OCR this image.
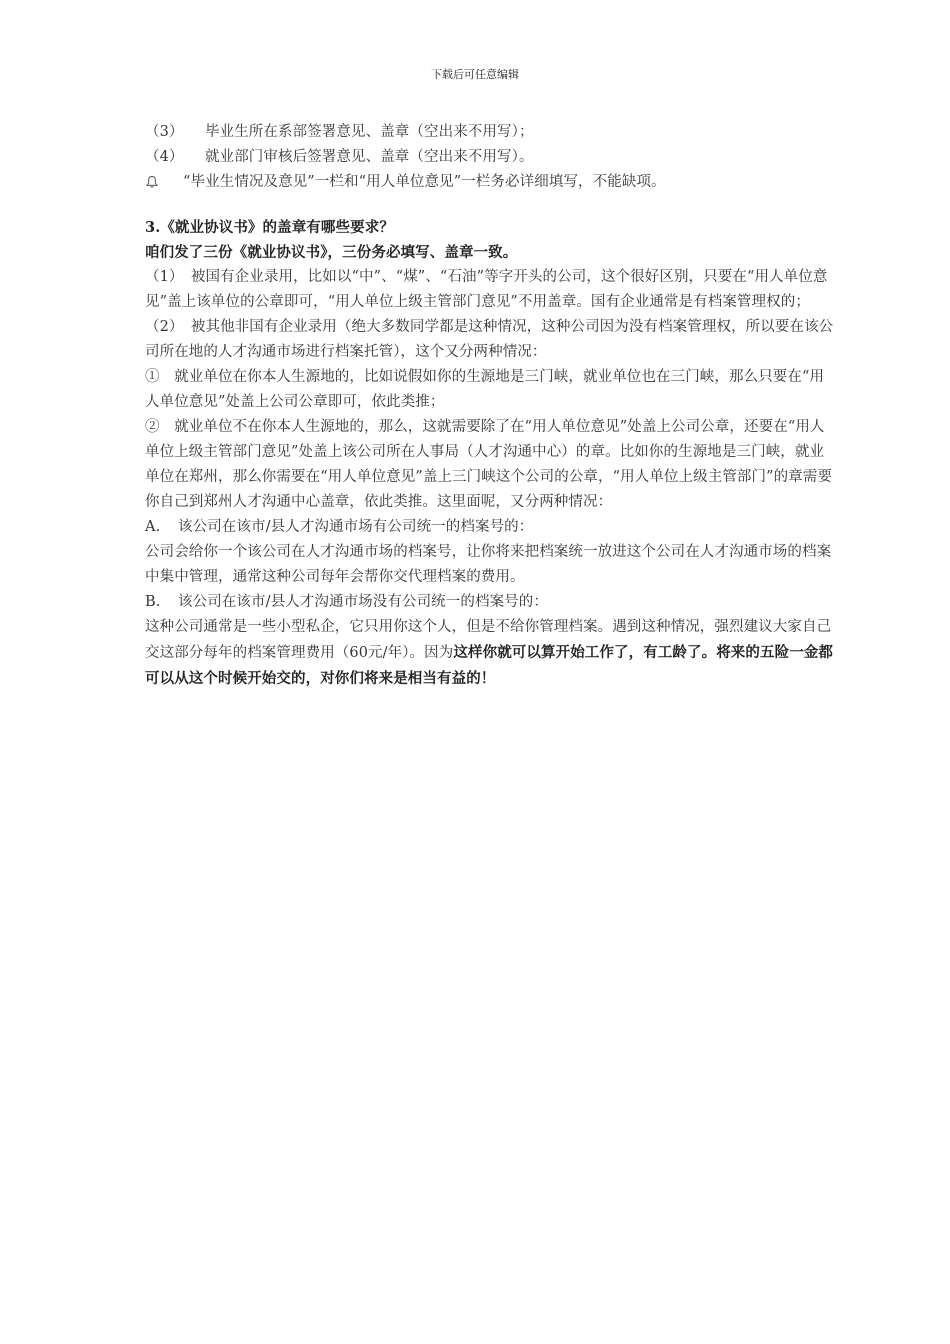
下载后可任意编辑
（3） 毕业生所在系部签署意见、盖章（空出来不用写）；
（4） 就业部门审核后签署意见、盖章（空出来不用写）。
“毕业生情况及意见”一栏和“用人单位意见”一栏务必详细填写，不能缺项。
3.《就业协议书》的盖章有哪些要求？
咱们发了三份《就业协议书》，三份务必填写、盖章一致。
（1）　被国有企业录用，比如以“中”、“煤”、“石油”等字开头的公司，这个很好区别，只要在“用人单位意见”盖上该单位的公章即可，“用人单位上级主管部门意见”不用盖章。国有企业通常是有档案管理权的；
（2）　被其他非国有企业录用（绝大多数同学都是这种情况，这种公司因为没有档案管理权，所以要在该公司所在地的人才沟通市场进行档案托管），这个又分两种情况：
①　就业单位在你本人生源地的，比如说假如你的生源地是三门峡，就业单位也在三门峡，那么只要在“用人单位意见”处盖上公司公章即可，依此类推；
②　就业单位不在你本人生源地的，那么，这就需要除了在“用人单位意见”处盖上公司公章，还要在“用人单位上级主管部门意见”处盖上该公司所在人事局（人才沟通中心）的章。比如你的生源地是三门峡，就业单位在郑州，那么你需要在“用人单位意见”盖上三门峡这个公司的公章，“用人单位上级主管部门”的章需要你自己到郑州人才沟通中心盖章，依此类推。这里面呢，又分两种情况：
A. 该公司在该市/县人才沟通市场有公司统一的档案号的：
公司会给你一个该公司在人才沟通市场的档案号，让你将来把档案统一放进这个公司在人才沟通市场的档案中集中管理，通常这种公司每年会帮你交代理档案的费用。
B. 该公司在该市/县人才沟通市场没有公司统一的档案号的：
这种公司通常是一些小型私企，它只用你这个人，但是不给你管理档案。遇到这种情况，强烈建议大家自己交这部分每年的档案管理费用（60元/年）。因为这样你就可以算开始工作了，有工龄了。将来的五险一金都可以从这个时候开始交的，对你们将来是相当有益的！
